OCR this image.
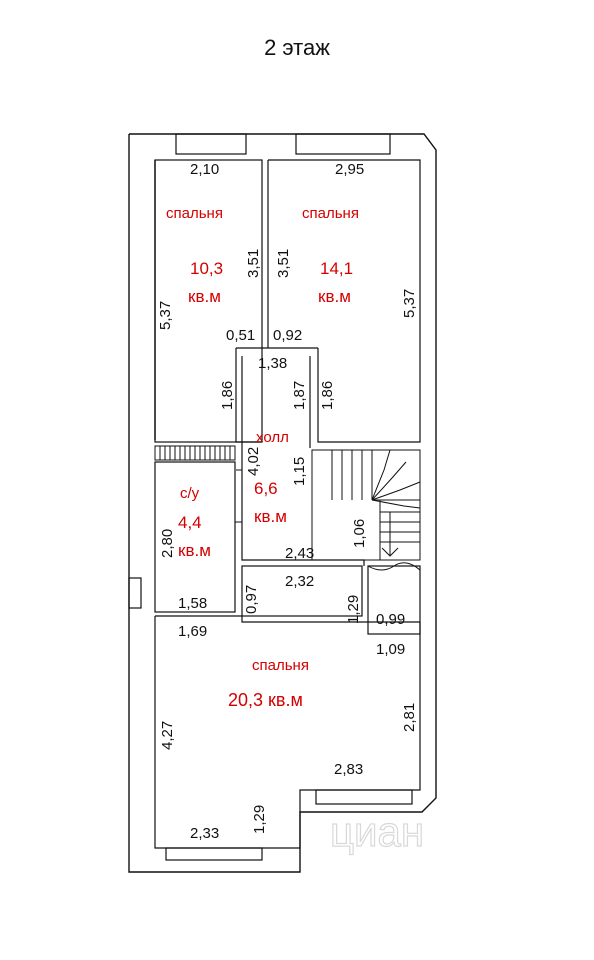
2 этаж
2,10	2,95
3,51 3,51
5,37	5,37
0,51 0,92
1,38
1,86	1,87 1,86
4,02 1,15
1,06
2,80	2,43
2,32
0,97	1,29
1,58
0,99
1,69
1,09
4,27
2,81
2,83
1,29
2,33
спальня
10,3
кв.м
спальня
14,1
кв.м
холл
6,6
кв.м
с/у
4,4
кв.м
спальня
20,3 кв.м
циан
